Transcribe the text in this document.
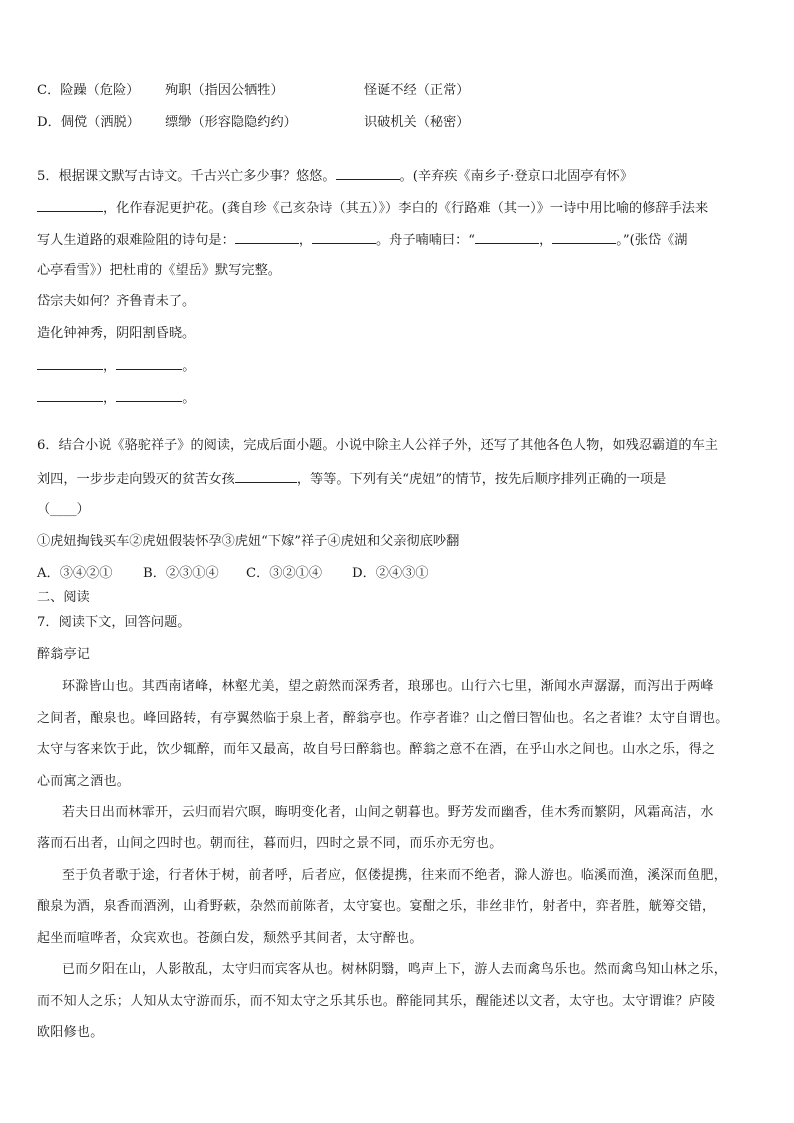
C．险躁（危险） 殉职（指因公牺牲）	怪诞不经（正常）
D．倜傥（洒脱） 缥缈（形容隐隐约约）	识破机关（秘密）
5．根据课文默写古诗文。千古兴亡多少事？悠悠。	。(辛弃疾《南乡子·登京口北固亭有怀》
，化作春泥更护花。(龚自珍《己亥杂诗（其五）》）李白的《行路难（其一）》一诗中用比喻的修辞手法来
写人生道路的艰难险阻的诗句是：	，	。舟子喃喃曰：“	，	。”(张岱《湖
心亭看雪》）把杜甫的《望岳》默写完整。
岱宗夫如何？齐鲁青未了。
造化钟神秀，阴阳割昏晓。
，	。
，	。
6．结合小说《骆驼祥子》的阅读，完成后面小题。小说中除主人公祥子外，还写了其他各色人物，如残忍霸道的车主
刘四，一步步走向毁灭的贫苦女孩	，等等。下列有关“虎妞”的情节，按先后顺序排列正确的一项是
（____）
①虎妞掏钱买车②虎妞假装怀孕③虎妞“下嫁”祥子④虎妞和父亲彻底吵翻
A．③④②① B．②③①④ C．③②①④ D．②④③①
二、阅读
7．阅读下文，回答问题。
醉翁亭记
环滁皆山也。其西南诸峰，林壑尤美，望之蔚然而深秀者，琅琊也。山行六七里，渐闻水声潺潺，而泻出于两峰
之间者，酿泉也。峰回路转，有亭翼然临于泉上者，醉翁亭也。作亭者谁？山之僧曰智仙也。名之者谁？太守自谓也。
太守与客来饮于此，饮少辄醉，而年又最高，故自号曰醉翁也。醉翁之意不在酒，在乎山水之间也。山水之乐，得之
心而寓之酒也。
若夫日出而林霏开，云归而岩穴暝，晦明变化者，山间之朝暮也。野芳发而幽香，佳木秀而繁阴，风霜高洁，水
落而石出者，山间之四时也。朝而往，暮而归，四时之景不同，而乐亦无穷也。
至于负者歌于途，行者休于树，前者呼，后者应，伛偻提携，往来而不绝者，滁人游也。临溪而渔，溪深而鱼肥，
酿泉为酒，泉香而酒洌，山肴野蔌，杂然而前陈者，太守宴也。宴酣之乐，非丝非竹，射者中，弈者胜，觥筹交错，
起坐而喧哗者，众宾欢也。苍颜白发，颓然乎其间者，太守醉也。
已而夕阳在山，人影散乱，太守归而宾客从也。树林阴翳，鸣声上下，游人去而禽鸟乐也。然而禽鸟知山林之乐，
而不知人之乐；人知从太守游而乐，而不知太守之乐其乐也。醉能同其乐，醒能述以文者，太守也。太守谓谁？庐陵
欧阳修也。
